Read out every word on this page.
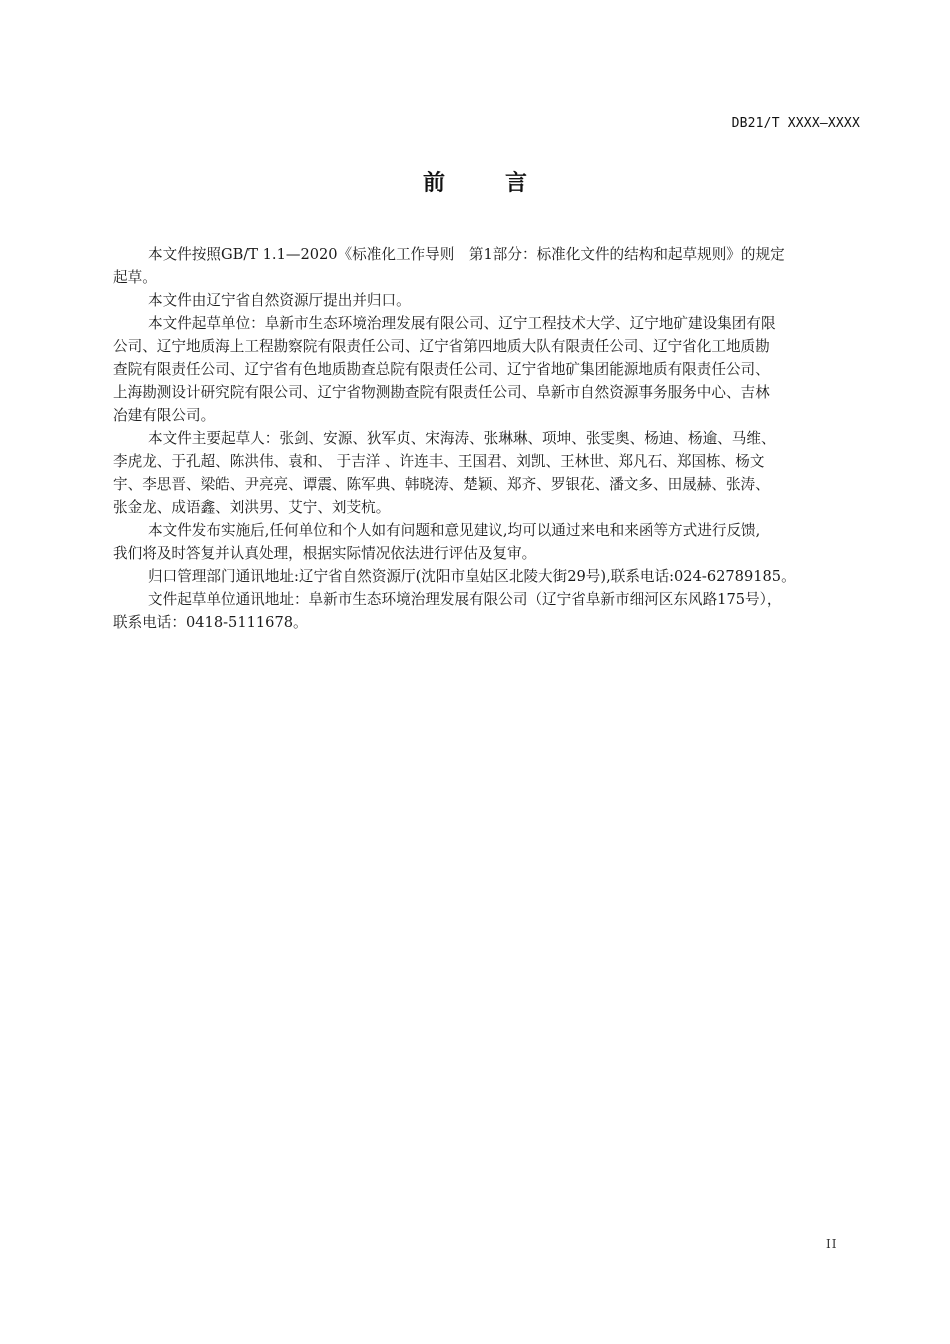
DB21/T XXXX—XXXX
前	言

本文件按照GB/T 1.1—2020《标准化工作导则　第1部分：标准化文件的结构和起草规则》的规定
起草。

本文件由辽宁省自然资源厅提出并归口。

本文件起草单位：阜新市生态环境治理发展有限公司、辽宁工程技术大学、辽宁地矿建设集团有限
公司、辽宁地质海上工程勘察院有限责任公司、辽宁省第四地质大队有限责任公司、辽宁省化工地质勘
查院有限责任公司、辽宁省有色地质勘查总院有限责任公司、辽宁省地矿集团能源地质有限责任公司、
上海勘测设计研究院有限公司、辽宁省物测勘查院有限责任公司、阜新市自然资源事务服务中心、吉林
冶建有限公司。

本文件主要起草人：张剑、安源、狄军贞、宋海涛、张琳琳、项坤、张雯奥、杨迪、杨逾、马维、
李虎龙、于孔超、陈洪伟、袁和、 于吉洋 、许连丰、王国君、刘凯、王林世、郑凡石、郑国栋、杨文
宇、李思晋、梁皓、尹亮亮、谭震、陈军典、韩晓涛、楚颖、郑齐、罗银花、潘文多、田晟赫、张涛、
张金龙、成语鑫、刘洪男、艾宁、刘芠杭。

本文件发布实施后,任何单位和个人如有问题和意见建议,均可以通过来电和来函等方式进行反馈,
我们将及时答复并认真处理，根据实际情况依法进行评估及复审。

归口管理部门通讯地址:辽宁省自然资源厅(沈阳市皇姑区北陵大街29号),联系电话:024-62789185。

文件起草单位通讯地址：阜新市生态环境治理发展有限公司（辽宁省阜新市细河区东风路175号），
联系电话：0418-5111678。

II
